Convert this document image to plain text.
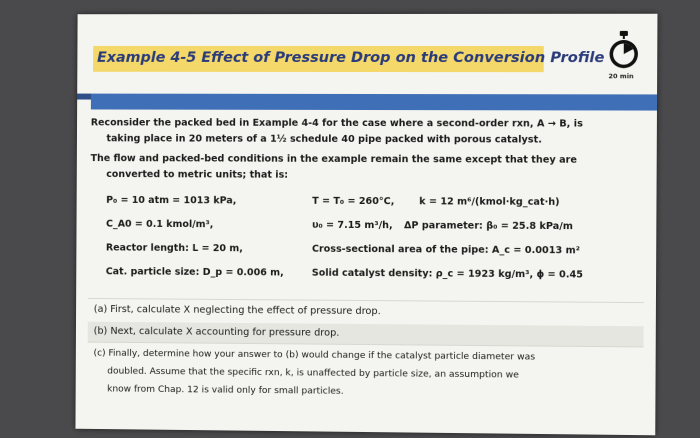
Example 4-5 Effect of Pressure Drop on the Conversion Profile
20 min

Reconsider the packed bed in Example 4-4 for the case where a second-order rxn, A → B, is

taking place in 20 meters of a 1½ schedule 40 pipe packed with porous catalyst.

The flow and packed-bed conditions in the example remain the same except that they are

converted to metric units; that is:

P₀ = 10 atm = 1013 kPa,	T = T₀ = 260°C,	k = 12 m⁶/(kmol·kg_cat·h)

C_A0 = 0.1 kmol/m³,	υ₀ = 7.15 m³/h, ΔP parameter: β₀ = 25.8 kPa/m

Reactor length: L = 20 m,	Cross-sectional area of the pipe: A_c = 0.0013 m²

Cat. particle size: D_p = 0.006 m,	Solid catalyst density: ρ_c = 1923 kg/m³, ϕ = 0.45

(a) First, calculate X neglecting the effect of pressure drop.

(b) Next, calculate X accounting for pressure drop.

(c) Finally, determine how your answer to (b) would change if the catalyst particle diameter was

doubled. Assume that the specific rxn, k, is unaffected by particle size, an assumption we

know from Chap. 12 is valid only for small particles.
